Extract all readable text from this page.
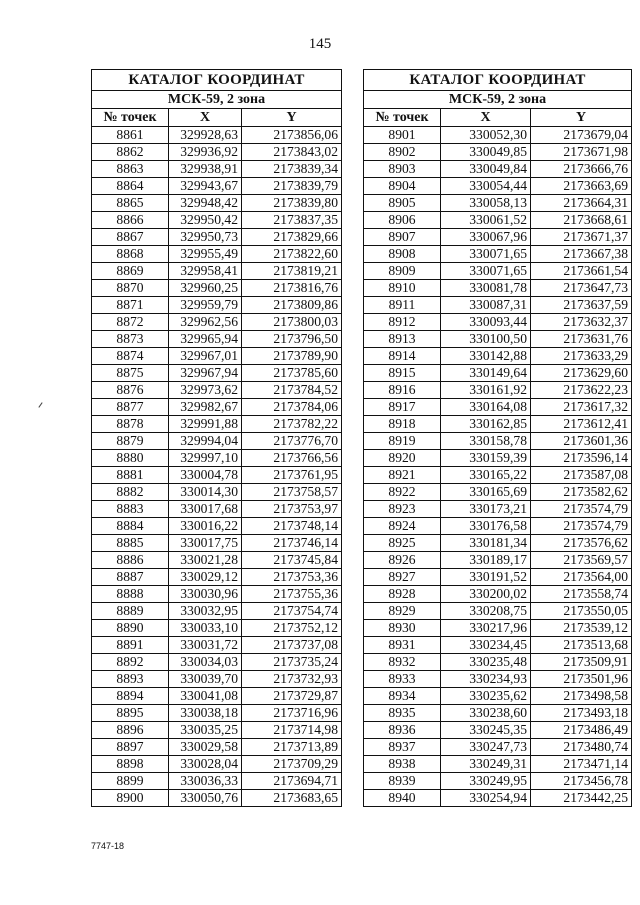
145
КАТАЛОГ КООРДИНАТ		
МСК-59, 2 зона		
№ точек	X	Y
8861	329928,63	2173856,06
8862	329936,92	2173843,02
8863	329938,91	2173839,34
8864	329943,67	2173839,79
8865	329948,42	2173839,80
8866	329950,42	2173837,35
8867	329950,73	2173829,66
8868	329955,49	2173822,60
8869	329958,41	2173819,21
8870	329960,25	2173816,76
8871	329959,79	2173809,86
8872	329962,56	2173800,03
8873	329965,94	2173796,50
8874	329967,01	2173789,90
8875	329967,94	2173785,60
8876	329973,62	2173784,52
8877	329982,67	2173784,06
8878	329991,88	2173782,22
8879	329994,04	2173776,70
8880	329997,10	2173766,56
8881	330004,78	2173761,95
8882	330014,30	2173758,57
8883	330017,68	2173753,97
8884	330016,22	2173748,14
8885	330017,75	2173746,14
8886	330021,28	2173745,84
8887	330029,12	2173753,36
8888	330030,96	2173755,36
8889	330032,95	2173754,74
8890	330033,10	2173752,12
8891	330031,72	2173737,08
8892	330034,03	2173735,24
8893	330039,70	2173732,93
8894	330041,08	2173729,87
8895	330038,18	2173716,96
8896	330035,25	2173714,98
8897	330029,58	2173713,89
8898	330028,04	2173709,29
8899	330036,33	2173694,71
8900	330050,76	2173683,65
КАТАЛОГ КООРДИНАТ		
МСК-59, 2 зона		
№ точек	X	Y
8901	330052,30	2173679,04
8902	330049,85	2173671,98
8903	330049,84	2173666,76
8904	330054,44	2173663,69
8905	330058,13	2173664,31
8906	330061,52	2173668,61
8907	330067,96	2173671,37
8908	330071,65	2173667,38
8909	330071,65	2173661,54
8910	330081,78	2173647,73
8911	330087,31	2173637,59
8912	330093,44	2173632,37
8913	330100,50	2173631,76
8914	330142,88	2173633,29
8915	330149,64	2173629,60
8916	330161,92	2173622,23
8917	330164,08	2173617,32
8918	330162,85	2173612,41
8919	330158,78	2173601,36
8920	330159,39	2173596,14
8921	330165,22	2173587,08
8922	330165,69	2173582,62
8923	330173,21	2173574,79
8924	330176,58	2173574,79
8925	330181,34	2173576,62
8926	330189,17	2173569,57
8927	330191,52	2173564,00
8928	330200,02	2173558,74
8929	330208,75	2173550,05
8930	330217,96	2173539,12
8931	330234,45	2173513,68
8932	330235,48	2173509,91
8933	330234,93	2173501,96
8934	330235,62	2173498,58
8935	330238,60	2173493,18
8936	330245,35	2173486,49
8937	330247,73	2173480,74
8938	330249,31	2173471,14
8939	330249,95	2173456,78
8940	330254,94	2173442,25
7747-18
